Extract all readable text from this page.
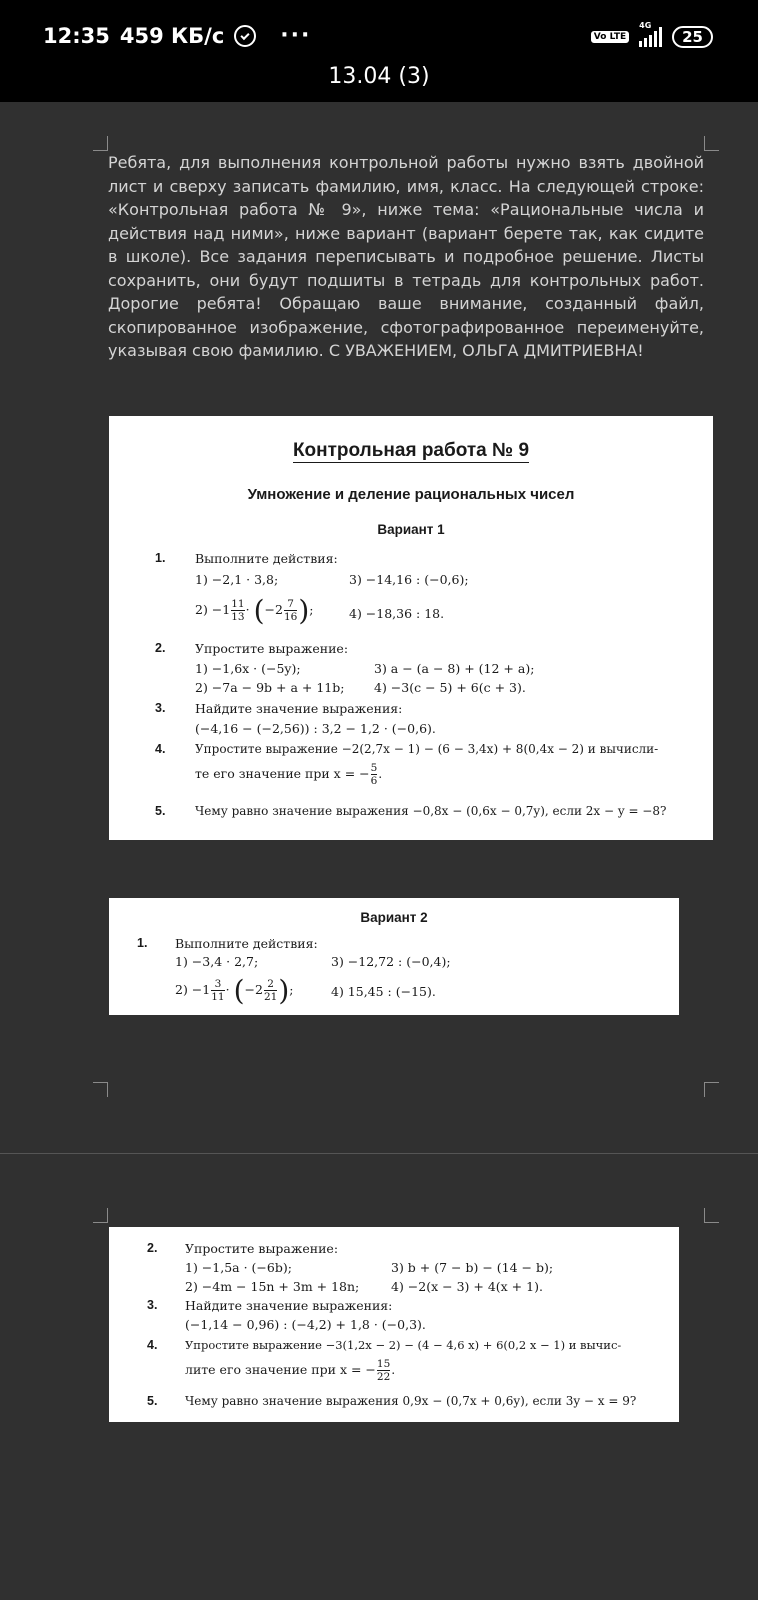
12:35 459 КБ/с	···	Vo LTE
4G
25
13.04 (3)
Ребята, для выполнения контрольной работы нужно взять двойной лист и сверху записать фамилию, имя, класс. На следующей строке: «Контрольная работа № 9», ниже тема: «Рациональные числа и действия над ними», ниже вариант (вариант берете так, как сидите в школе). Все задания переписывать и подробное решение. Листы сохранить, они будут подшиты в тетрадь для контрольных работ. Дорогие ребята! Обращаю ваше внимание, созданный файл, скопированное изображение, сфотографированное переименуйте, указывая свою фамилию. С УВАЖЕНИЕМ, ОЛЬГА ДМИТРИЕВНА!
Контрольная работа № 9
Умножение и деление рациональных чисел
Вариант 1
1. Выполните действия:
1) −2,1 · 3,8;	3) −14,16 : (−0,6);
$2) -1 \frac{11}{13} \cdot (-2 \frac{7}{16}$ );	4) −18,36 : 18.
2. Упростите выражение:
1) −1,6x · (−5y);	3) a − (a − 8) + (12 + a);
2) −7a − 9b + a + 11b; 4) −3(c − 5) + 6(c + 3).
3. Найдите значение выражения:
(−4,16 − (−2,56)) : 3,2 − 1,2 · (−0,6).
4. Упростите выражение −2(2,7x − 1) − (6 − 3,4x) + 8(0,4x − 2) и вычисли-
те его значение при x = − $\frac{5}{6}$ .
5. Чему равно значение выражения −0,8x − (0,6x − 0,7y), если 2x − y = −8?
Вариант 2
1. Выполните действия:
1) −3,4 · 2,7;	3) −12,72 : (−0,4);
$2) -1 \frac{3}{11} \cdot (-2 \frac{2}{21}$ );	4) 15,45 : (−15).
2. Упростите выражение:
1) −1,5a · (−6b);	3) b + (7 − b) − (14 − b);
2) −4m − 15n + 3m + 18n;	4) −2(x − 3) + 4(x + 1).
3. Найдите значение выражения:
(−1,14 − 0,96) : (−4,2) + 1,8 · (−0,3).
4. Упростите выражение −3(1,2x − 2) − (4 − 4,6 x) + 6(0,2 x − 1) и вычис-
лите его значение при x = − $\frac{15}{22}$ .
5. Чему равно значение выражения 0,9x − (0,7x + 0,6y), если 3y − x = 9?
